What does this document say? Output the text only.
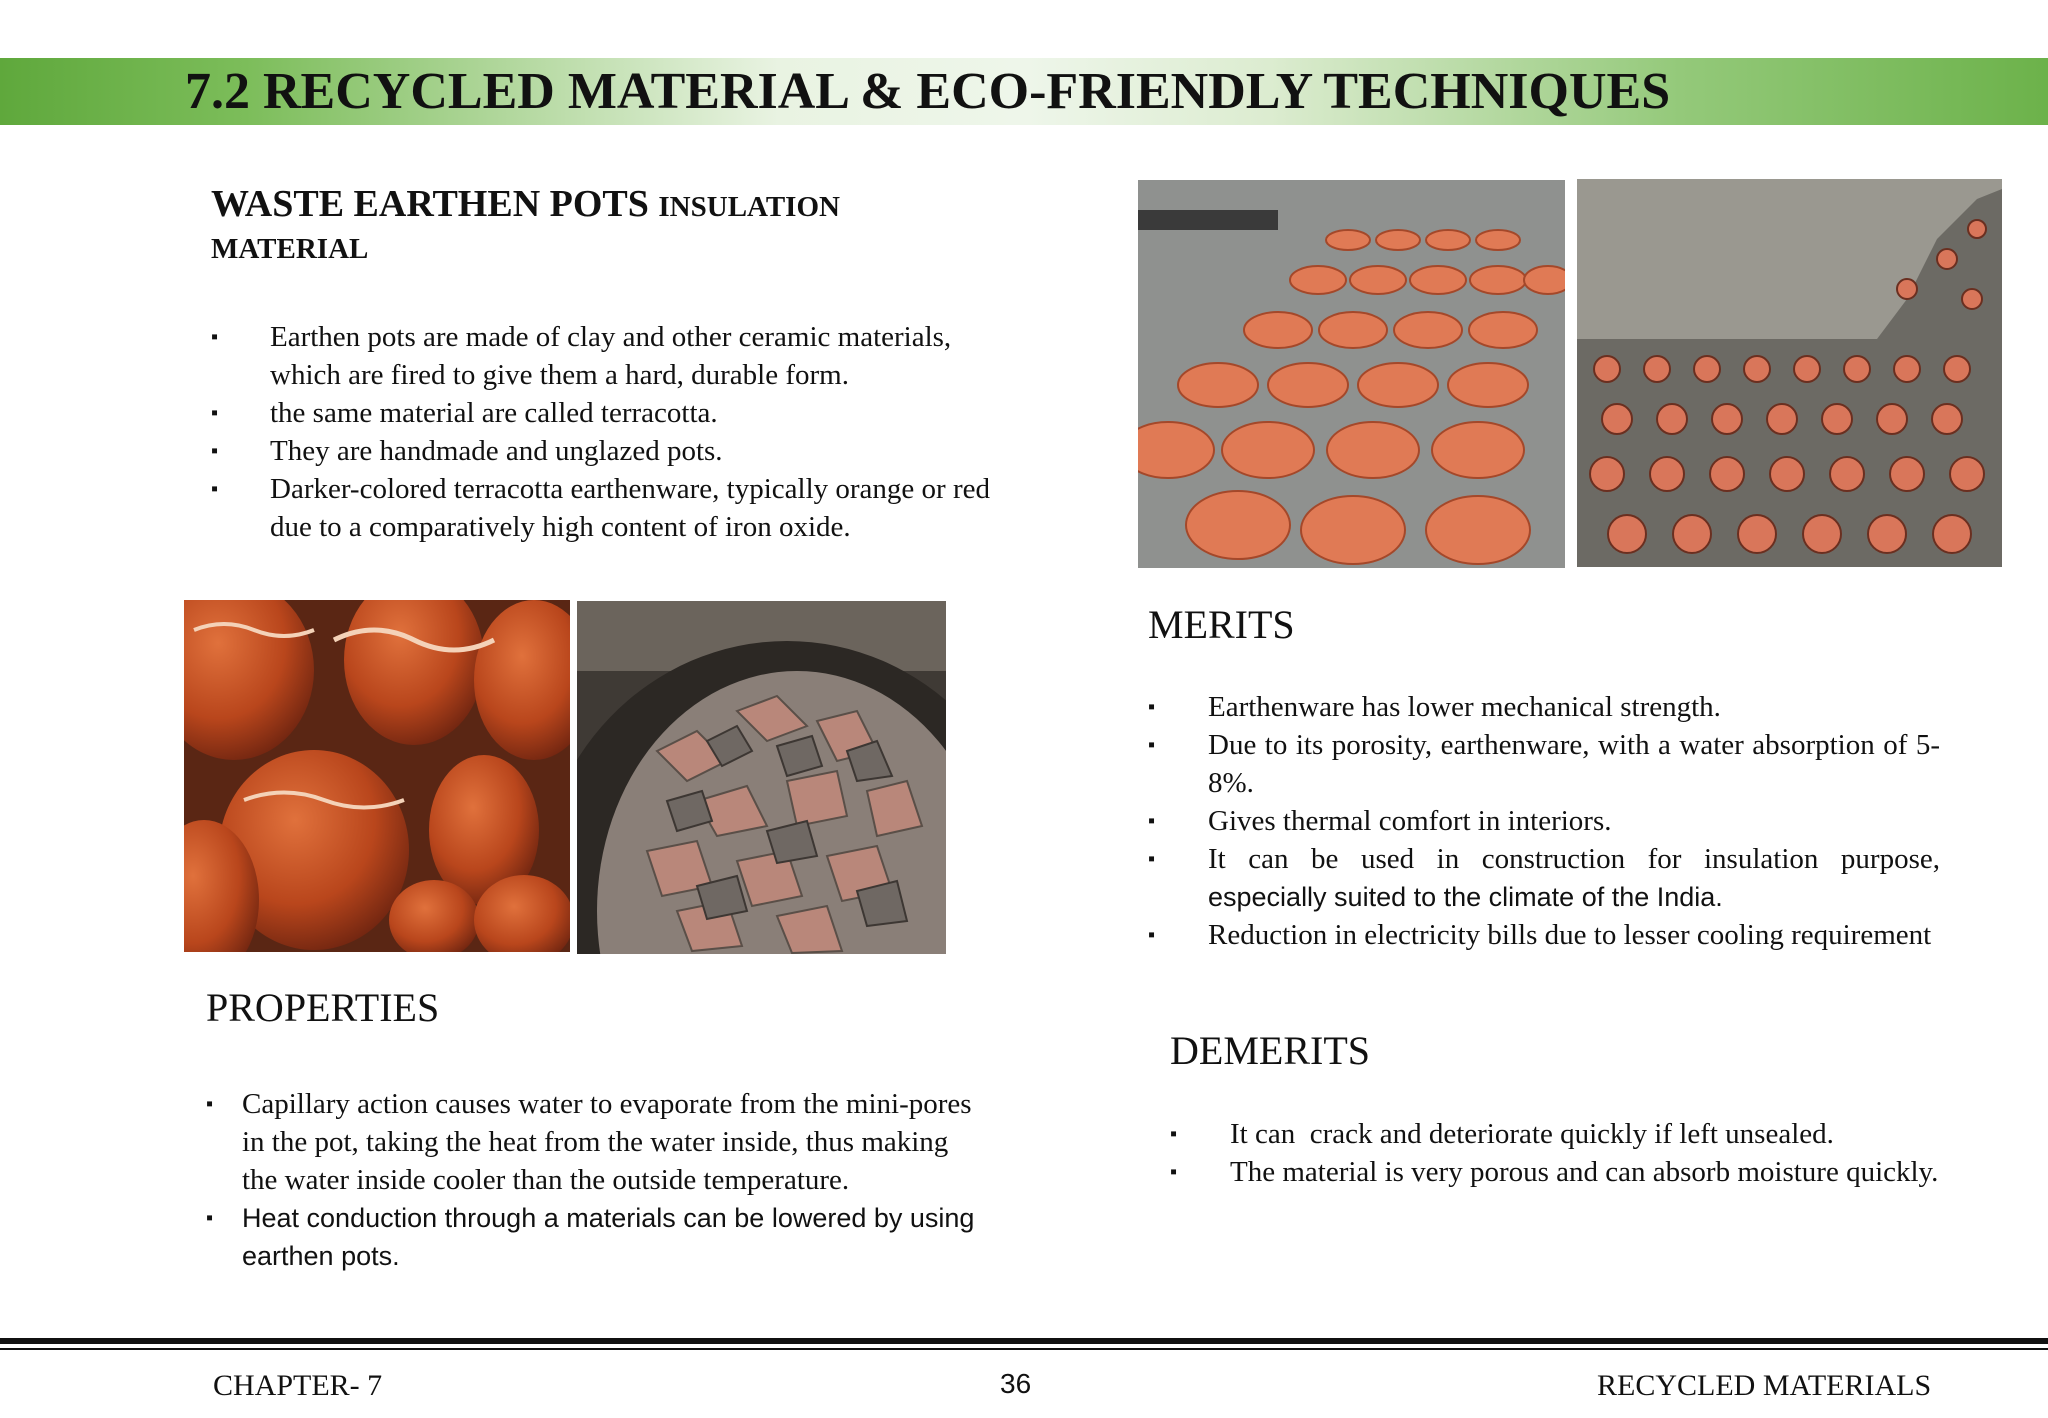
7.2 RECYCLED MATERIAL & ECO-FRIENDLY TECHNIQUES
WASTE EARTHEN POTS INSULATION
MATERIAL
▪ Earthen pots are made of clay and other ceramic materials, which are fired to give them a hard, durable form.
▪ the same material are called terracotta.
▪ They are handmade and unglazed pots.
▪ Darker-colored terracotta earthenware, typically orange or red due to a comparatively high content of iron oxide.
PROPERTIES
▪ Capillary action causes water to evaporate from the mini-pores in the pot, taking the heat from the water inside, thus making the water inside cooler than the outside temperature.
▪ Heat conduction through a materials can be lowered by using earthen pots.
MERITS
▪ Earthenware has lower mechanical strength.
▪ Due to its porosity, earthenware, with a water absorption of 5-8%.
▪ Gives thermal comfort in interiors.
▪ It can be used in construction for insulation purpose, especially suited to the climate of the India.
▪ Reduction in electricity bills due to lesser cooling requirement
DEMERITS
▪ It can  crack and deteriorate quickly if left unsealed.
▪ The material is very porous and can absorb moisture quickly.

CHAPTER- 7	36	RECYCLED MATERIALS
